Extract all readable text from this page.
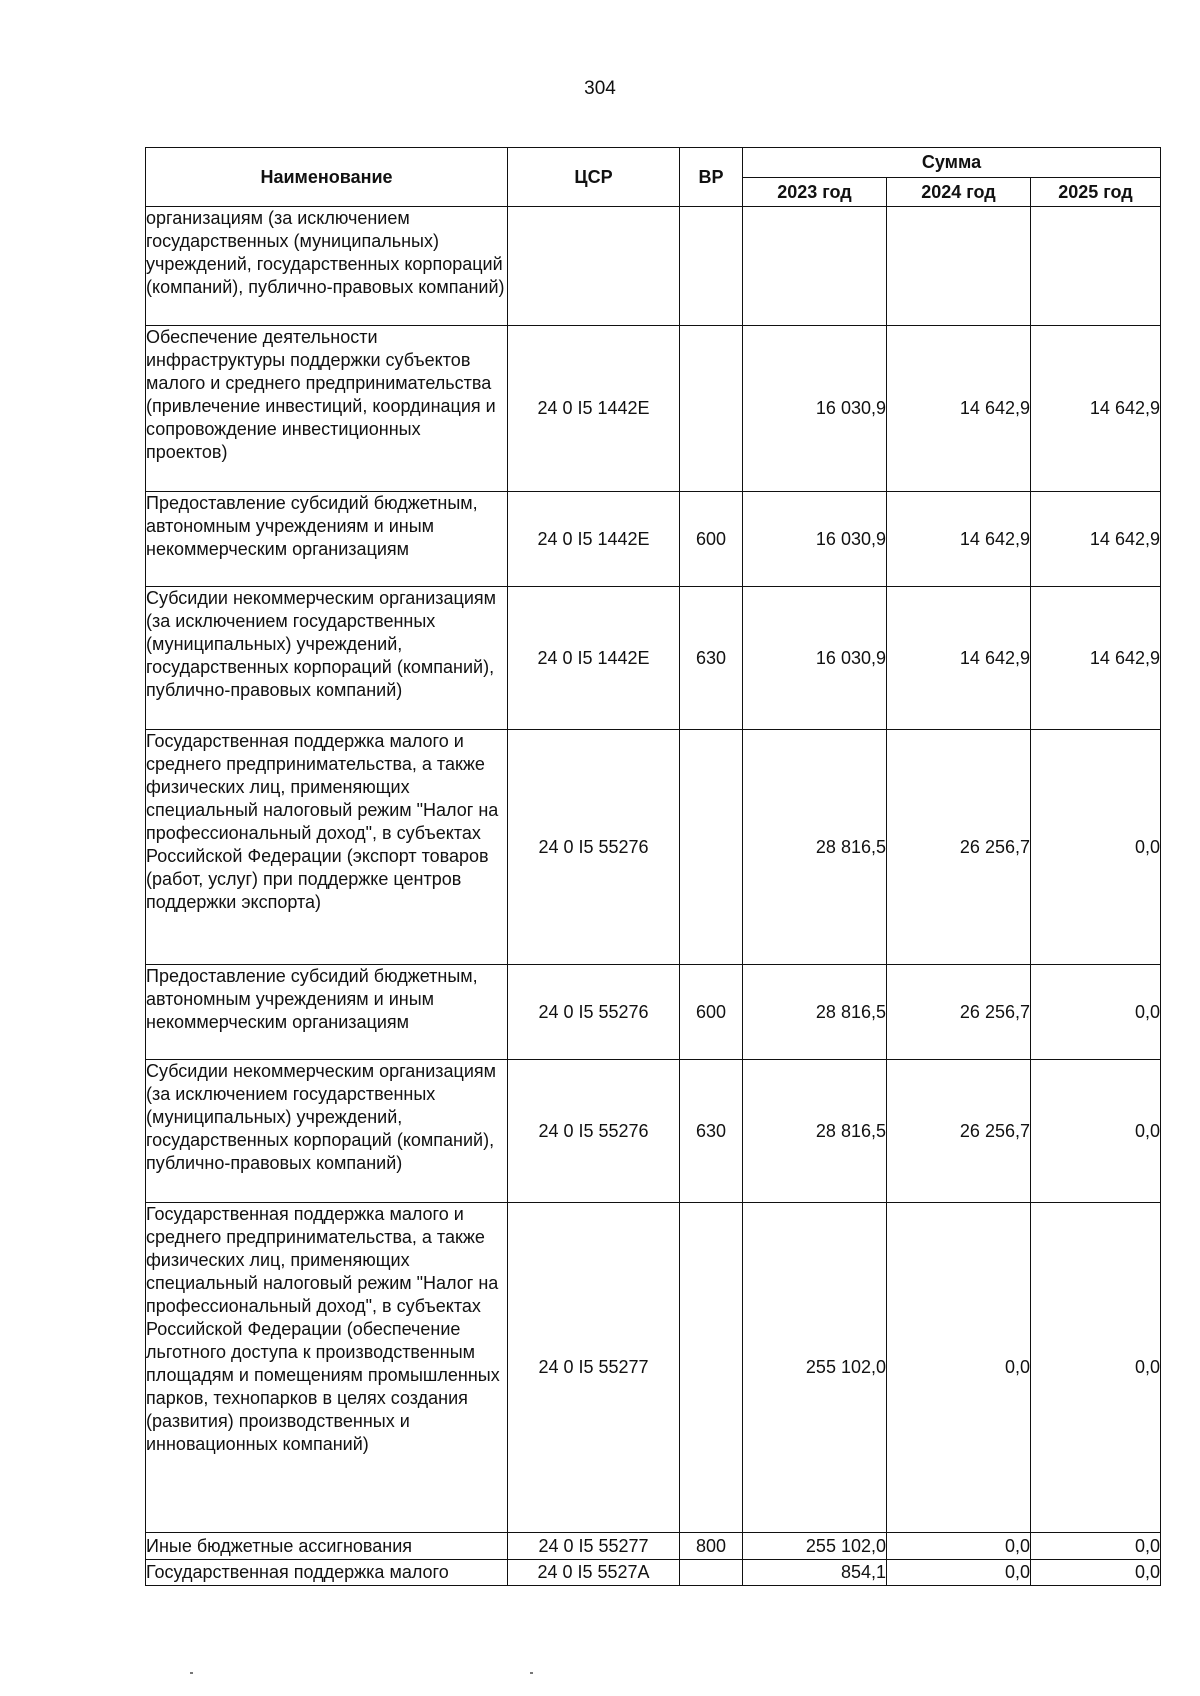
304
Наименование	ЦСР	ВР	Сумма		
			2023 год	2024 год	2025 год
организациям (за исключением государственных (муниципальных) учреждений, государственных корпораций (компаний), публично-правовых компаний)					
Обеспечение деятельности инфраструктуры поддержки субъектов малого и среднего предпринимательства (привлечение инвестиций, координация и сопровождение инвестиционных проектов)	24 0 I5 1442E		16 030,9	14 642,9	14 642,9
Предоставление субсидий бюджетным, автономным учреждениям и иным некоммерческим организациям	24 0 I5 1442E	600	16 030,9	14 642,9	14 642,9
Субсидии некоммерческим организациям (за исключением государственных (муниципальных) учреждений, государственных корпораций (компаний), публично-правовых компаний)	24 0 I5 1442E	630	16 030,9	14 642,9	14 642,9
Государственная поддержка малого и среднего предпринимательства, а также физических лиц, применяющих специальный налоговый режим "Налог на профессиональный доход", в субъектах Российской Федерации (экспорт товаров (работ, услуг) при поддержке центров поддержки экспорта)	24 0 I5 55276		28 816,5	26 256,7	0,0
Предоставление субсидий бюджетным, автономным учреждениям и иным некоммерческим организациям	24 0 I5 55276	600	28 816,5	26 256,7	0,0
Субсидии некоммерческим организациям (за исключением государственных (муниципальных) учреждений, государственных корпораций (компаний), публично-правовых компаний)	24 0 I5 55276	630	28 816,5	26 256,7	0,0
Государственная поддержка малого и среднего предпринимательства, а также физических лиц, применяющих специальный налоговый режим "Налог на профессиональный доход", в субъектах Российской Федерации (обеспечение льготного доступа к производственным площадям и помещениям промышленных парков, технопарков в целях создания (развития) производственных и инновационных компаний)	24 0 I5 55277		255 102,0	0,0	0,0
Иные бюджетные ассигнования	24 0 I5 55277	800	255 102,0	0,0	0,0
Государственная поддержка малого	24 0 I5 5527A		854,1	0,0	0,0
